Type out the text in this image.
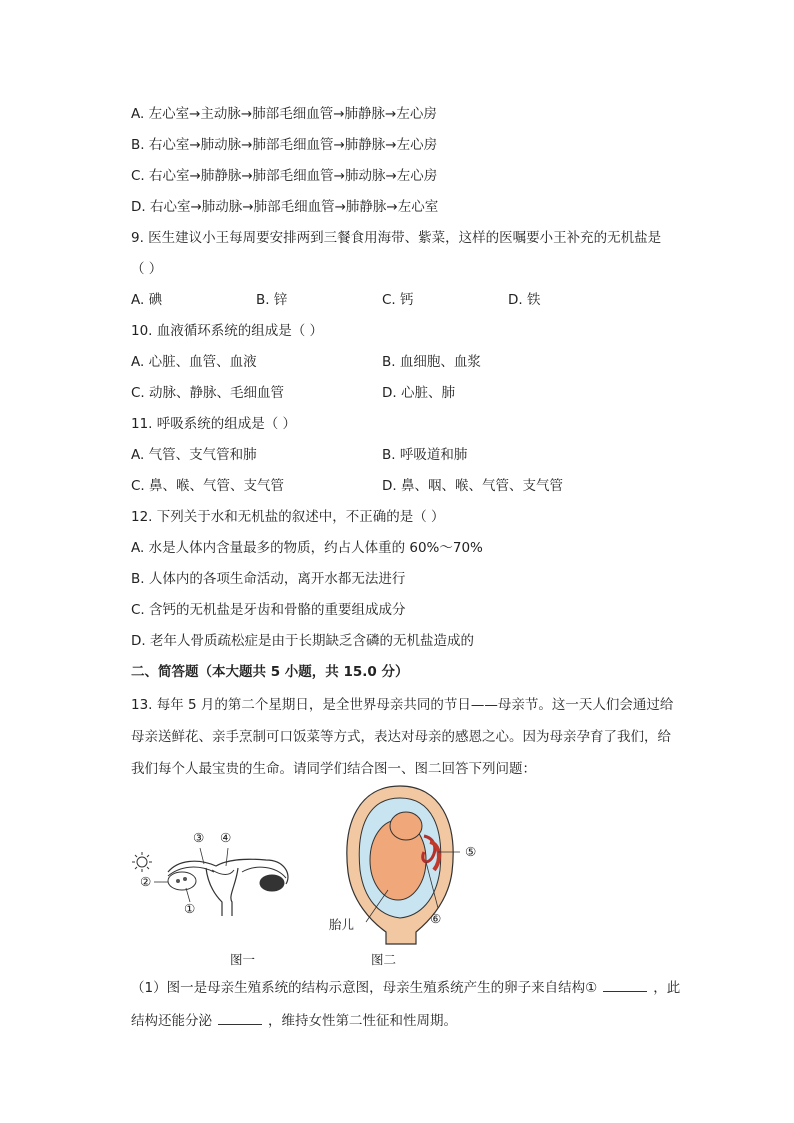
A. 左心室→主动脉→肺部毛细血管→肺静脉→左心房
B. 右心室→肺动脉→肺部毛细血管→肺静脉→左心房
C. 右心室→肺静脉→肺部毛细血管→肺动脉→左心房
D. 右心室→肺动脉→肺部毛细血管→肺静脉→左心室
9. 医生建议小王每周要安排两到三餐食用海带、紫菜，这样的医嘱要小王补充的无机盐是
（ ）
A. 碘	B. 锌	C. 钙	D. 铁
10. 血液循环系统的组成是（ ）
A. 心脏、血管、血液	B. 血细胞、血浆
C. 动脉、静脉、毛细血管	D. 心脏、肺
11. 呼吸系统的组成是（ ）
A. 气管、支气管和肺	B. 呼吸道和肺
C. 鼻、喉、气管、支气管	D. 鼻、咽、喉、气管、支气管
12. 下列关于水和无机盐的叙述中，不正确的是（ ）
A. 水是人体内含量最多的物质，约占人体重的 60%～70%
B. 人体内的各项生命活动，离开水都无法进行
C. 含钙的无机盐是牙齿和骨骼的重要组成成分
D. 老年人骨质疏松症是由于长期缺乏含磷的无机盐造成的
二、简答题（本大题共 5 小题，共 15.0 分）
13. 每年 5 月的第二个星期日，是全世界母亲共同的节日——母亲节。这一天人们会通过给
母亲送鲜花、亲手烹制可口饭菜等方式，表达对母亲的感恩之心。因为母亲孕育了我们，给
我们每个人最宝贵的生命。请同学们结合图一、图二回答下列问题：
③ ④
②
①
⑤
⑥
胎儿
图一	图二
（1）图一是母亲生殖系统的结构示意图，母亲生殖系统产生的卵子来自结构①	，此
结构还能分泌	，维持女性第二性征和性周期。
